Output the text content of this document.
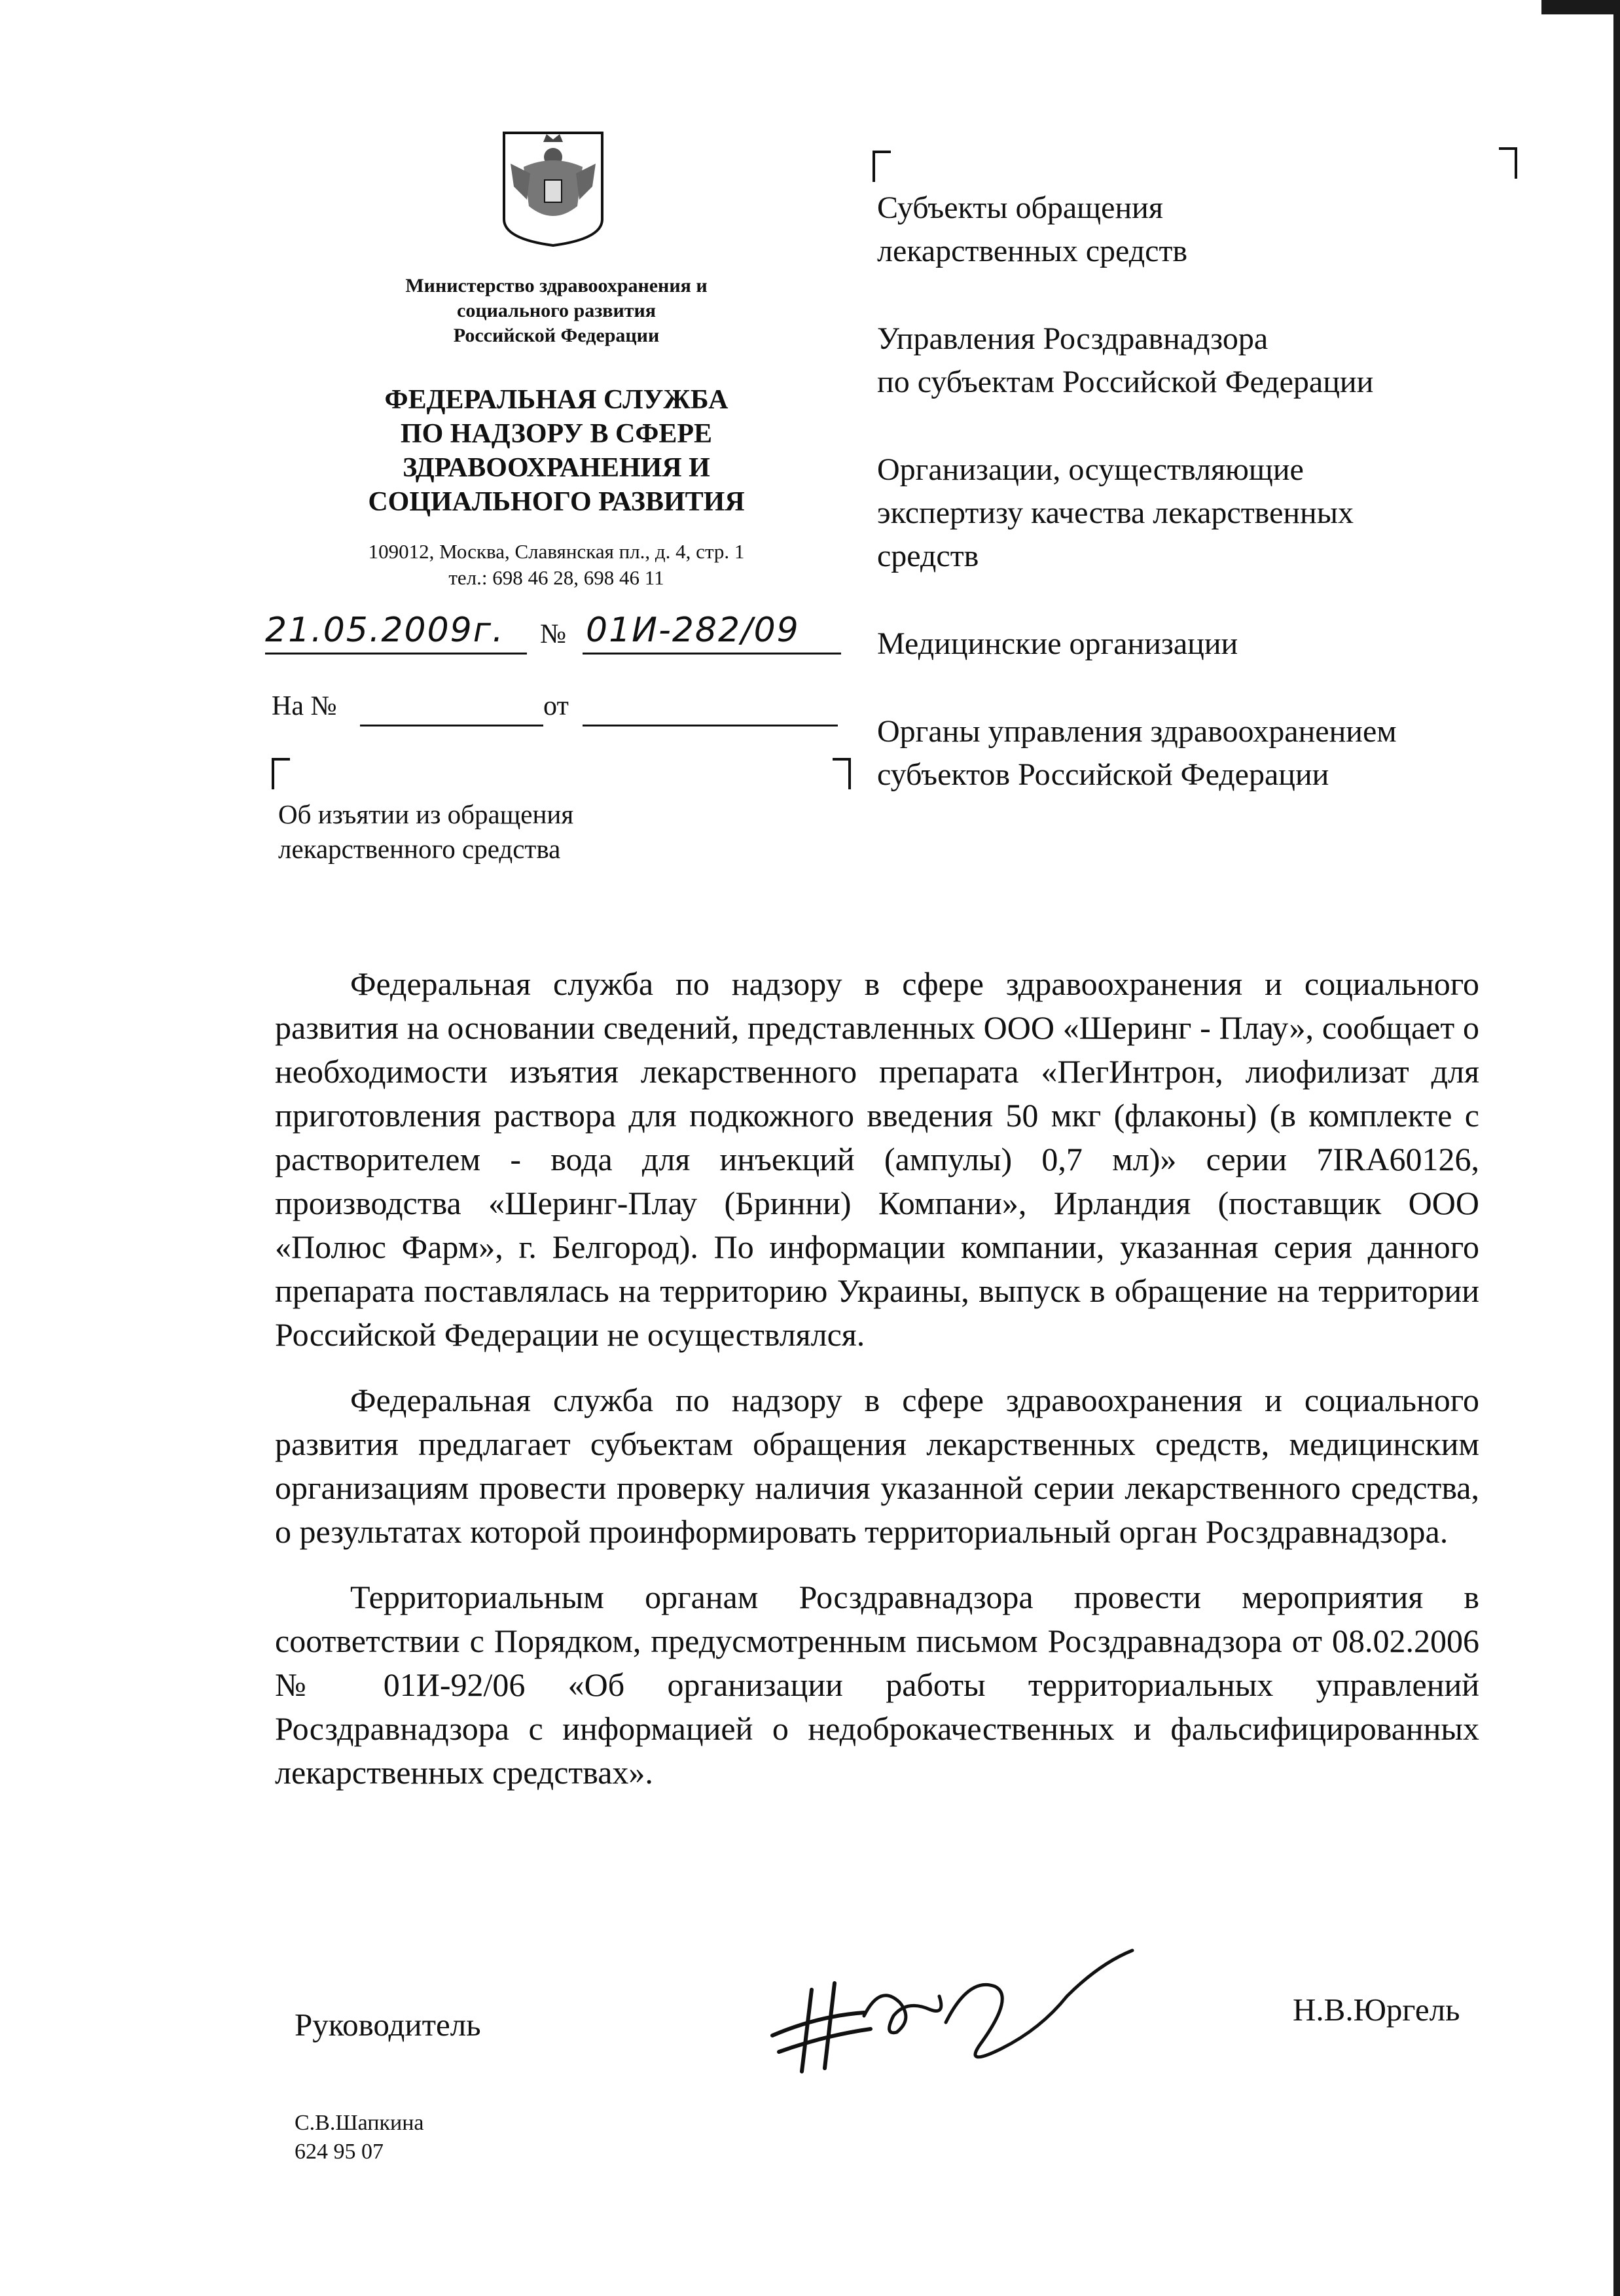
Министерство здравоохранения и
социального развития
Российской Федерации
ФЕДЕРАЛЬНАЯ СЛУЖБА
ПО НАДЗОРУ В СФЕРЕ
ЗДРАВООХРАНЕНИЯ И
СОЦИАЛЬНОГО РАЗВИТИЯ
109012, Москва, Славянская пл., д. 4, стр. 1
тел.: 698 46 28, 698 46 11
21.05.2009г. № 01И-282/09
На №	от
Об изъятии из обращения
лекарственного средства
Субъекты обращения
лекарственных средств
Управления Росздравнадзора
по субъектам Российской Федерации
Организации, осуществляющие
экспертизу качества лекарственных
средств
Медицинские организации
Органы управления здравоохранением
субъектов Российской Федерации

Федеральная служба по надзору в сфере здравоохранения и социального развития на основании сведений, представленных ООО «Шеринг - Плау», сообщает о необходимости изъятия лекарственного препарата «ПегИнтрон, лиофилизат для приготовления раствора для подкожного введения 50 мкг (флаконы) (в комплекте с растворителем - вода для инъекций (ампулы) 0,7 мл)» серии 7IRA60126, производства «Шеринг-Плау (Бринни) Компани», Ирландия (поставщик ООО «Полюс Фарм», г. Белгород). По информации компании, указанная серия данного препарата поставлялась на территорию Украины, выпуск в обращение на территории Российской Федерации не осуществлялся.

Федеральная служба по надзору в сфере здравоохранения и социального развития предлагает субъектам обращения лекарственных средств, медицинским организациям провести проверку наличия указанной серии лекарственного средства, о результатах которой проинформировать территориальный орган Росздравнадзора.

Территориальным органам Росздравнадзора провести мероприятия в соответствии с Порядком, предусмотренным письмом Росздравнадзора от 08.02.2006 № 01И-92/06 «Об организации работы территориальных управлений Росздравнадзора с информацией о недоброкачественных и фальсифицированных лекарственных средствах».

Руководитель	Н.В.Юргель
С.В.Шапкина
624 95 07
